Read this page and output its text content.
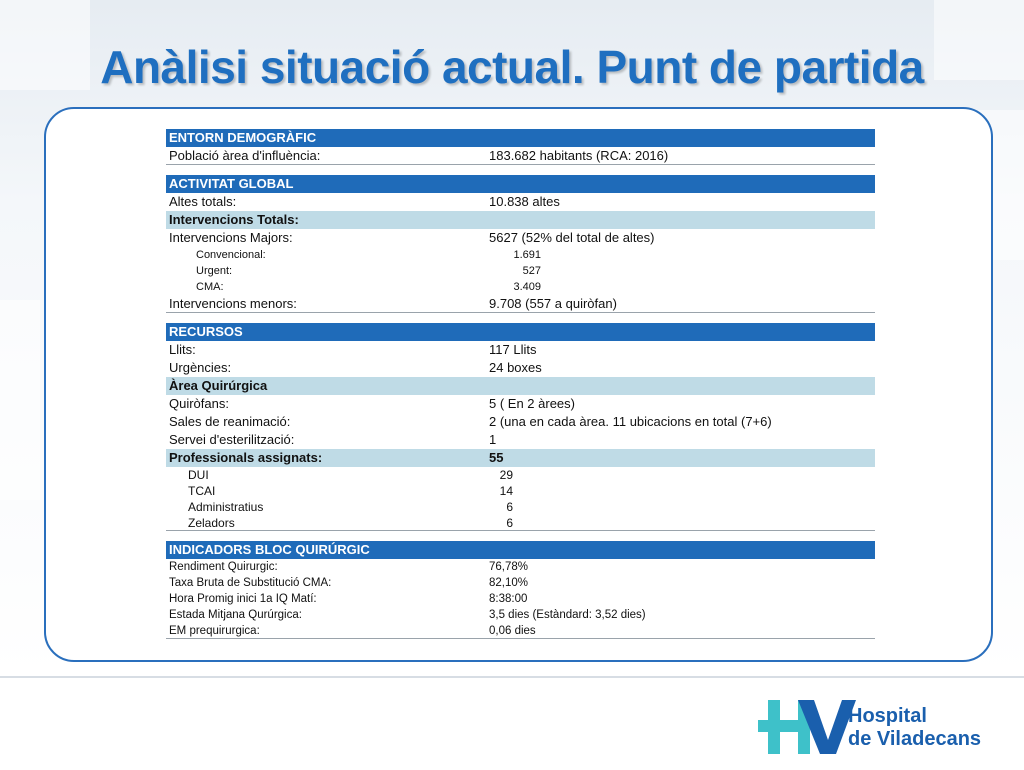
Anàlisi situació actual. Punt de partida
ENTORN DEMOGRÀFIC
Població àrea d'influència:	183.682 habitants (RCA: 2016)
ACTIVITAT GLOBAL
Altes totals:	10.838 altes
Intervencions Totals:
Intervencions Majors:	5627 (52% del total de altes)
Convencional:	1.691
Urgent:	527
CMA:	3.409
Intervencions menors:	9.708 (557 a quiròfan)
RECURSOS
Llits:	117 Llits
Urgències:	24 boxes
Àrea Quirúrgica
Quiròfans:	5 ( En 2 àrees)
Sales de reanimació:	2 (una en cada àrea. 11 ubicacions en total (7+6)
Servei d'esterilització:	1
Professionals assignats:	55
DUI	29
TCAI	14
Administratius	6
Zeladors	6
INDICADORS BLOC QUIRÚRGIC
Rendiment Quirurgic:	76,78%
Taxa Bruta de Substitució CMA:	82,10%
Hora Promig inici 1a IQ Matí:	8:38:00
Estada Mitjana Qurúrgica:	3,5 dies (Estàndard: 3,52 dies)
EM prequirurgica:	0,06 dies
Hospital
de Viladecans
